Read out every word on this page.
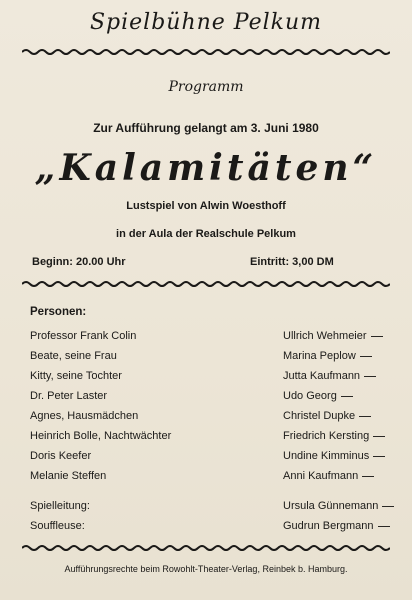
Spielbühne Pelkum
Programm
Zur Aufführung gelangt am 3. Juni 1980
„Kalamitäten“
Lustspiel von Alwin Woesthoff
in der Aula der Realschule Pelkum
Beginn: 20.00 Uhr	Eintritt: 3,00 DM
Personen:
Professor Frank Colin	Ullrich Wehmeier
Beate, seine Frau	Marina Peplow
Kitty, seine Tochter	Jutta Kaufmann
Dr. Peter Laster	Udo Georg
Agnes, Hausmädchen	Christel Dupke
Heinrich Bolle, Nachtwächter	Friedrich Kersting
Doris Keefer	Undine Kimminus
Melanie Steffen	Anni Kaufmann
Spielleitung:	Ursula Günnemann
Souffleuse:	Gudrun Bergmann
Aufführungsrechte beim Rowohlt-Theater-Verlag, Reinbek b. Hamburg.
